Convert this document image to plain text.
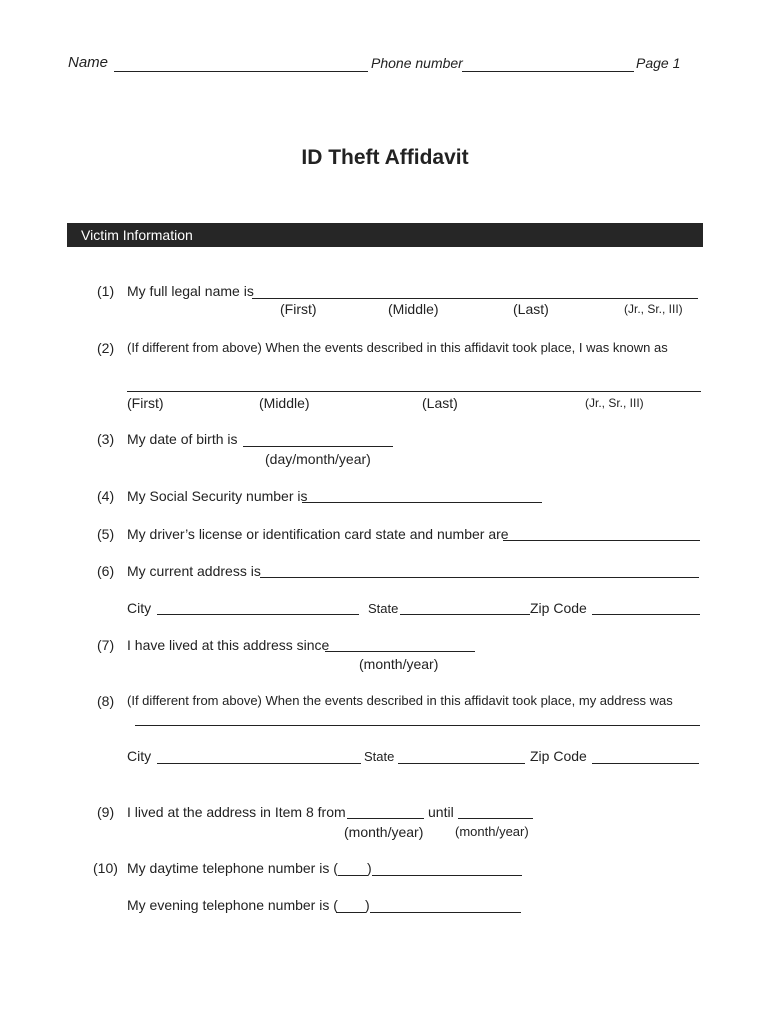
Name	Phone number	Page 1
ID Theft Affidavit
Victim Information
(1) My full legal name is
(First)	(Middle)	(Last)	(Jr., Sr., III)
(2) (If different from above) When the events described in this affidavit took place, I was known as
(First)	(Middle)	(Last)	(Jr., Sr., III)
(3) My date of birth is
(day/month/year)
(4) My Social Security number is
(5) My driver’s license or identification card state and number are
(6) My current address is
City	State	Zip Code
(7) I have lived at this address since
(month/year)
(8) (If different from above) When the events described in this affidavit took place, my address was
City	State	Zip Code
(9) I lived at the address in Item 8 from	until
(month/year) (month/year)
(10) My daytime telephone number is ( )
My evening telephone number is ( )
